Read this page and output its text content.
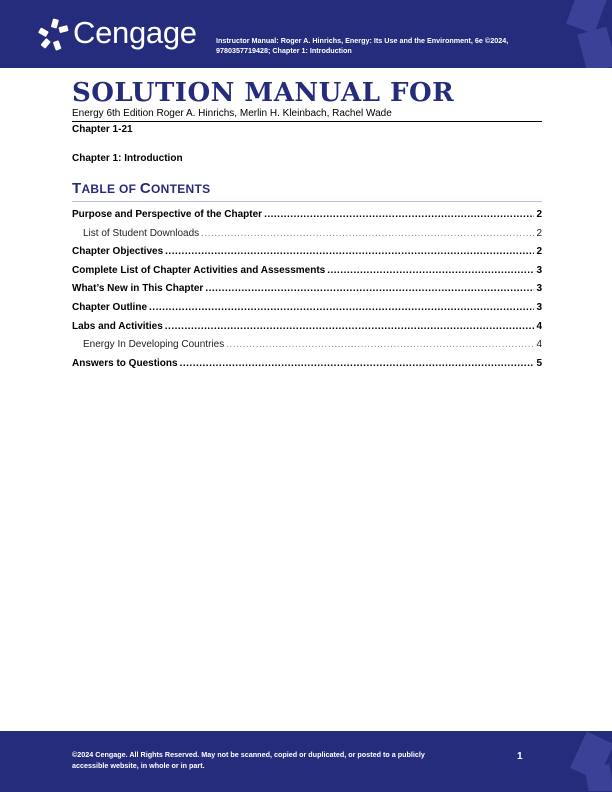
Cengage	Instructor Manual: Roger A. Hinrichs, Energy: Its Use and the Environment, 6e ©2024, 9780357719428; Chapter 1: Introduction
SOLUTION MANUAL FOR
Energy 6th Edition Roger A. Hinrichs, Merlin H. Kleinbach, Rachel Wade
Chapter 1-21
Chapter 1: Introduction
TABLE OF CONTENTS
Purpose and Perspective of the Chapter .....	2
List of Student Downloads .....	2
Chapter Objectives .....	2
Complete List of Chapter Activities and Assessments .....	3
What’s New in This Chapter .....	3
Chapter Outline .....	3
Labs and Activities .....	4
Energy In Developing Countries .....	4
Answers to Questions .....	5
©2024 Cengage. All Rights Reserved. May not be scanned, copied or duplicated, or posted to a publicly accessible website, in whole or in part.
1
